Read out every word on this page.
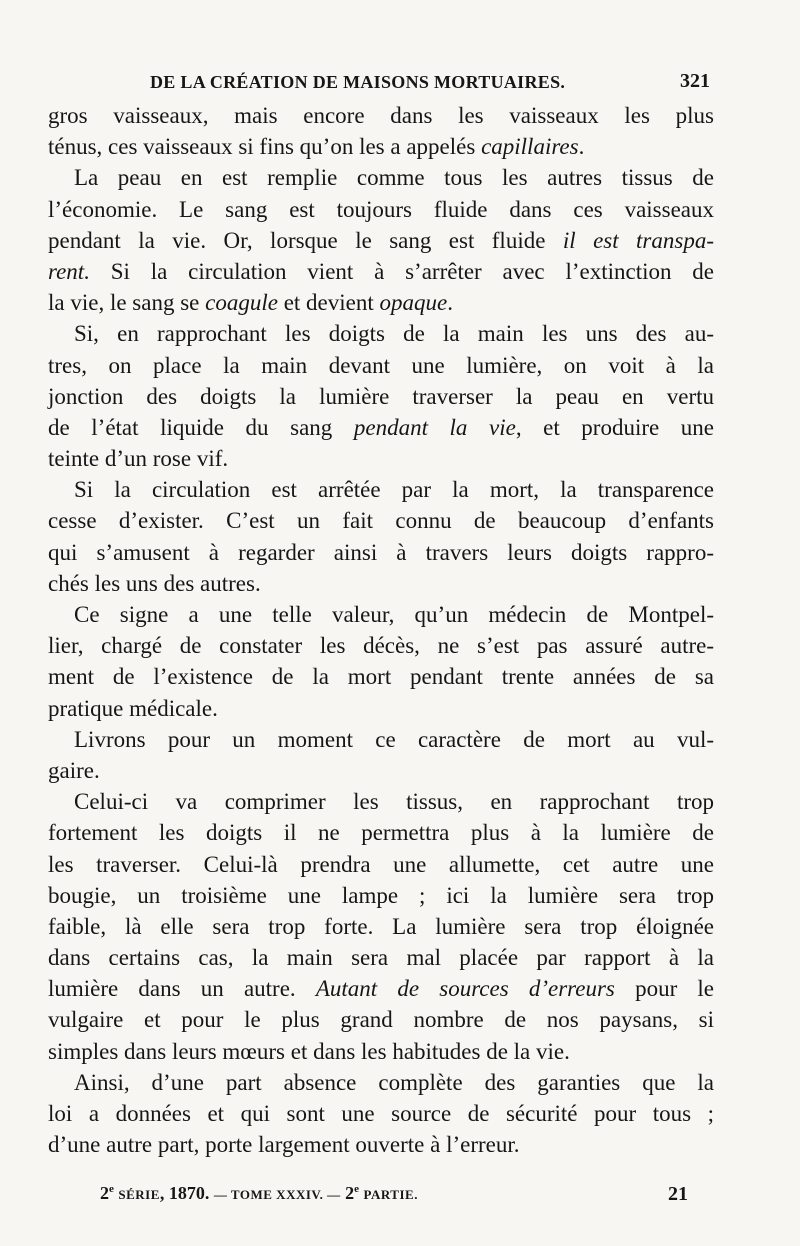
DE LA CRÉATION DE MAISONS MORTUAIRES.	321
gros vaisseaux, mais encore dans les vaisseaux les plus
ténus, ces vaisseaux si fins qu’on les a appelés capillaires.
La peau en est remplie comme tous les autres tissus de
l’économie. Le sang est toujours fluide dans ces vaisseaux
pendant la vie. Or, lorsque le sang est fluide il est transpa-
rent. Si la circulation vient à s’arrêter avec l’extinction de
la vie, le sang se coagule et devient opaque.
Si, en rapprochant les doigts de la main les uns des au-
tres, on place la main devant une lumière, on voit à la
jonction des doigts la lumière traverser la peau en vertu
de l’état liquide du sang pendant la vie, et produire une
teinte d’un rose vif.
Si la circulation est arrêtée par la mort, la transparence
cesse d’exister. C’est un fait connu de beaucoup d’enfants
qui s’amusent à regarder ainsi à travers leurs doigts rappro-
chés les uns des autres.
Ce signe a une telle valeur, qu’un médecin de Montpel-
lier, chargé de constater les décès, ne s’est pas assuré autre-
ment de l’existence de la mort pendant trente années de sa
pratique médicale.
Livrons pour un moment ce caractère de mort au vul-
gaire.
Celui-ci va comprimer les tissus, en rapprochant trop
fortement les doigts il ne permettra plus à la lumière de
les traverser. Celui-là prendra une allumette, cet autre une
bougie, un troisième une lampe ; ici la lumière sera trop
faible, là elle sera trop forte. La lumière sera trop éloignée
dans certains cas, la main sera mal placée par rapport à la
lumière dans un autre. Autant de sources d’erreurs pour le
vulgaire et pour le plus grand nombre de nos paysans, si
simples dans leurs mœurs et dans les habitudes de la vie.
Ainsi, d’une part absence complète des garanties que la
loi a données et qui sont une source de sécurité pour tous ;
d’une autre part, porte largement ouverte à l’erreur.
2e SÉRIE, 1870. — TOME XXXIV. — 2e PARTIE.	21
